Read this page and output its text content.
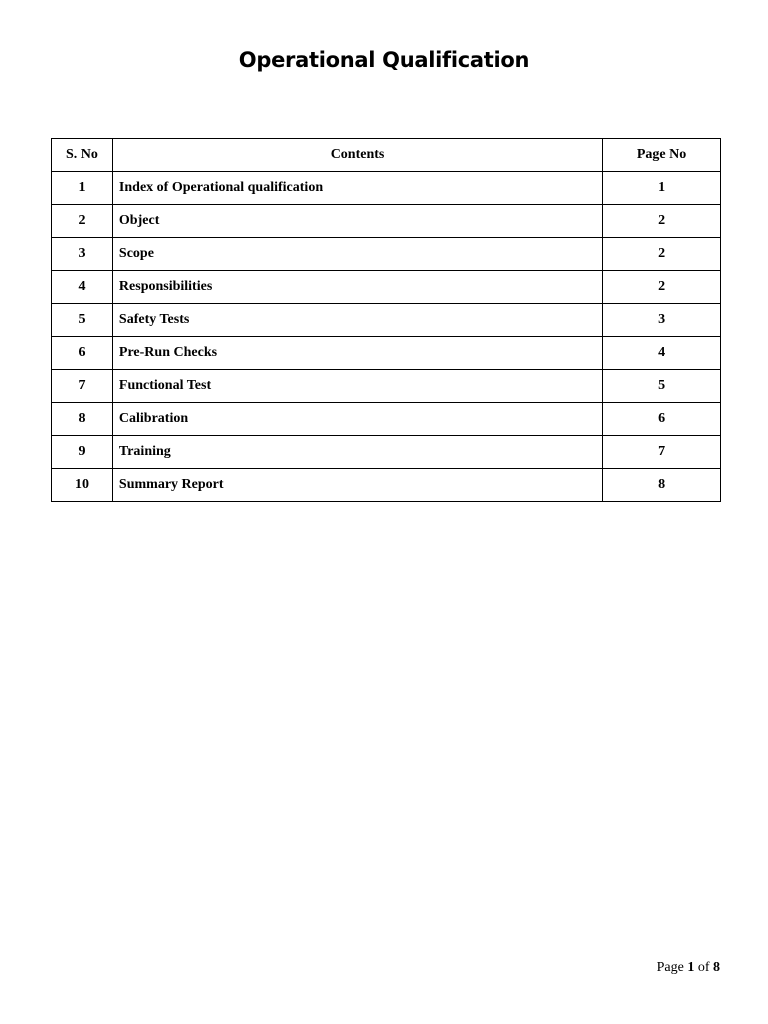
Operational Qualification
S. No	Contents	Page No
1	Index of Operational qualification	1
2	Object	2
3	Scope	2
4	Responsibilities	2
5	Safety Tests	3
6	Pre-Run Checks	4
7	Functional Test	5
8	Calibration	6
9	Training	7
10	Summary Report	8
Page 1 of 8
